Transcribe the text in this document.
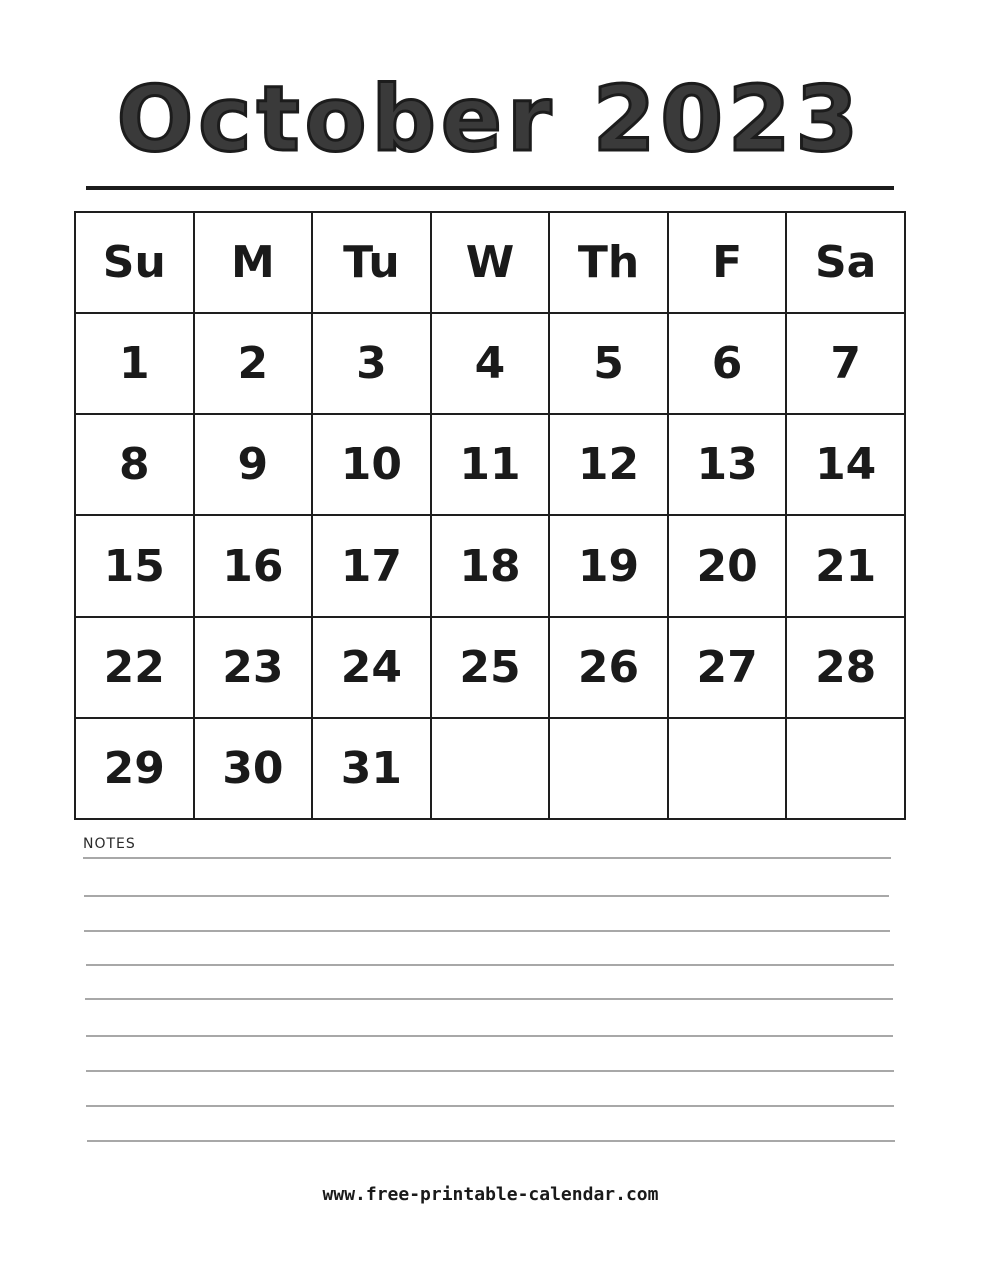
October 2023
Su	M	Tu	W	Th	F	Sa
1	2	3	4	5	6	7
8	9	10	11	12	13	14
15	16	17	18	19	20	21
22	23	24	25	26	27	28
29	30	31				
NOTES
www.free-printable-calendar.com
